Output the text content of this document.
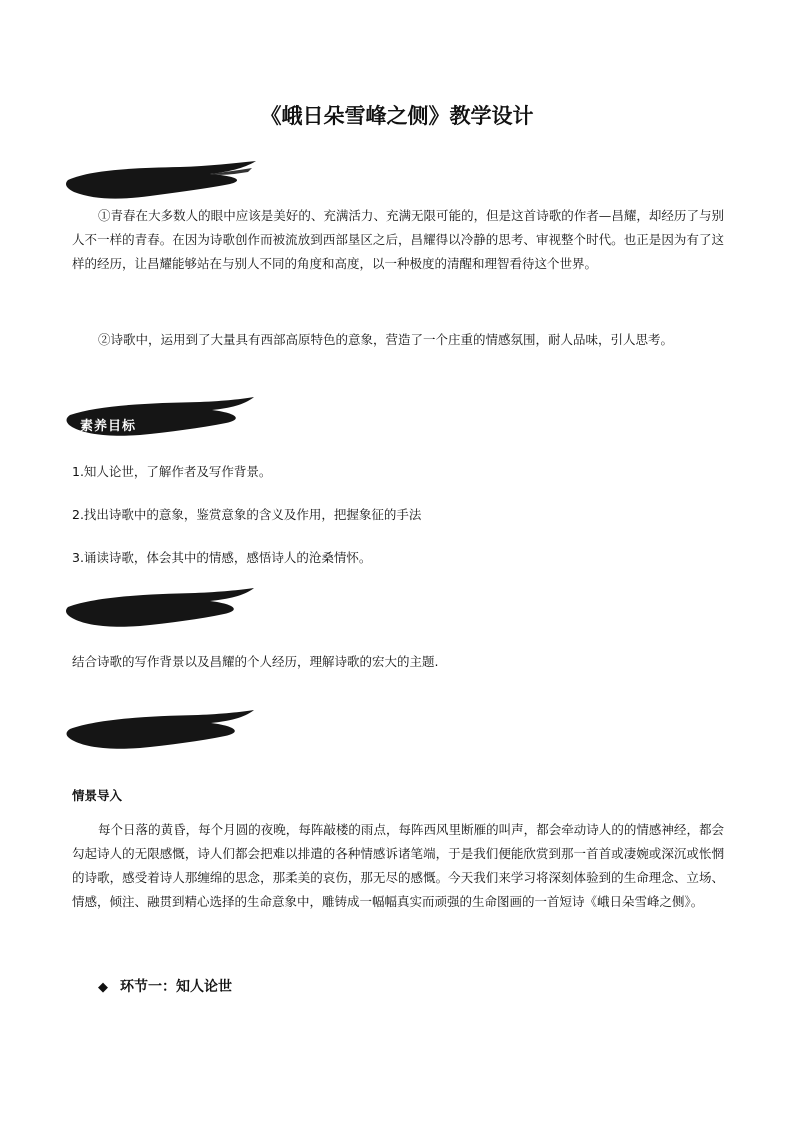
《峨日朵雪峰之侧》教学设计

①青春在大多数人的眼中应该是美好的、充满活力、充满无限可能的，但是这首诗歌的作者—昌耀，却经历了与别人不一样的青春。在因为诗歌创作而被流放到西部垦区之后，昌耀得以冷静的思考、审视整个时代。也正是因为有了这样的经历，让昌耀能够站在与别人不同的角度和高度，以一种极度的清醒和理智看待这个世界。

②诗歌中，运用到了大量具有西部高原特色的意象，营造了一个庄重的情感氛围，耐人品味，引人思考。

素养目标

1.知人论世，了解作者及写作背景。

2.找出诗歌中的意象，鉴赏意象的含义及作用，把握象征的手法

3.诵读诗歌，体会其中的情感，感悟诗人的沧桑情怀。

结合诗歌的写作背景以及昌耀的个人经历，理解诗歌的宏大的主题.

情景导入

每个日落的黄昏，每个月圆的夜晚，每阵敲楼的雨点，每阵西风里断雁的叫声，都会牵动诗人的的情感神经，都会勾起诗人的无限感慨，诗人们都会把难以排遣的各种情感诉诸笔端，于是我们便能欣赏到那一首首或凄婉或深沉或怅惘的诗歌，感受着诗人那缠绵的思念，那柔美的哀伤，那无尽的感慨。今天我们来学习将深刻体验到的生命理念、立场、情感，倾注、融贯到精心选择的生命意象中，雕铸成一幅幅真实而顽强的生命图画的一首短诗《峨日朵雪峰之侧》。

◆ 环节一：知人论世
